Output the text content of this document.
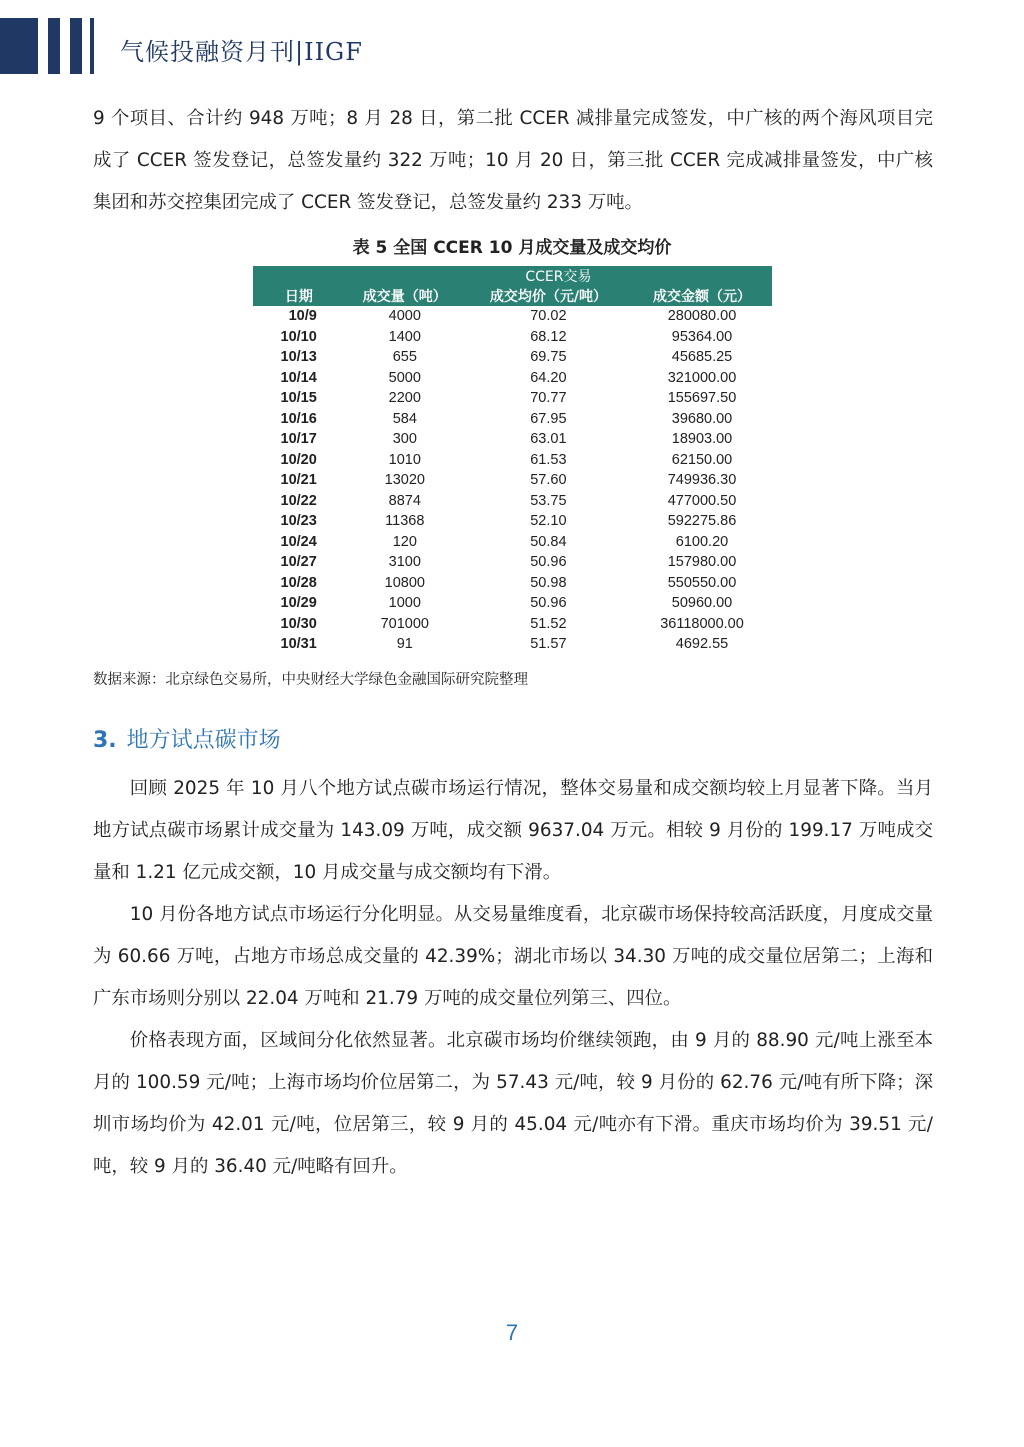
气候投融资月刊|IIGF

9 个项目、合计约 948 万吨；8 月 28 日，第二批 CCER 减排量完成签发，中广核的两个海风项目完成了 CCER 签发登记，总签发量约 322 万吨；10 月 20 日，第三批 CCER 完成减排量签发，中广核集团和苏交控集团完成了 CCER 签发登记，总签发量约 233 万吨。

表 5 全国 CCER 10 月成交量及成交均价
	CCER交易		
日期	成交量（吨）	成交均价（元/吨）	成交金额（元）
10/9	4000	70.02	280080.00
10/10	1400	68.12	95364.00
10/13	655	69.75	45685.25
10/14	5000	64.20	321000.00
10/15	2200	70.77	155697.50
10/16	584	67.95	39680.00
10/17	300	63.01	18903.00
10/20	1010	61.53	62150.00
10/21	13020	57.60	749936.30
10/22	8874	53.75	477000.50
10/23	11368	52.10	592275.86
10/24	120	50.84	6100.20
10/27	3100	50.96	157980.00
10/28	10800	50.98	550550.00
10/29	1000	50.96	50960.00
10/30	701000	51.52	36118000.00
10/31	91	51.57	4692.55
数据来源：北京绿色交易所，中央财经大学绿色金融国际研究院整理
3. 地方试点碳市场

回顾 2025 年 10 月八个地方试点碳市场运行情况，整体交易量和成交额均较上月显著下降。当月地方试点碳市场累计成交量为 143.09 万吨，成交额 9637.04 万元。相较 9 月份的 199.17 万吨成交量和 1.21 亿元成交额，10 月成交量与成交额均有下滑。

10 月份各地方试点市场运行分化明显。从交易量维度看，北京碳市场保持较高活跃度，月度成交量为 60.66 万吨，占地方市场总成交量的 42.39%；湖北市场以 34.30 万吨的成交量位居第二；上海和广东市场则分别以 22.04 万吨和 21.79 万吨的成交量位列第三、四位。

价格表现方面，区域间分化依然显著。北京碳市场均价继续领跑，由 9 月的 88.90 元/吨上涨至本月的 100.59 元/吨；上海市场均价位居第二，为 57.43 元/吨，较 9 月份的 62.76 元/吨有所下降；深圳市场均价为 42.01 元/吨，位居第三，较 9 月的 45.04 元/吨亦有下滑。重庆市场均价为 39.51 元/吨，较 9 月的 36.40 元/吨略有回升。

7
